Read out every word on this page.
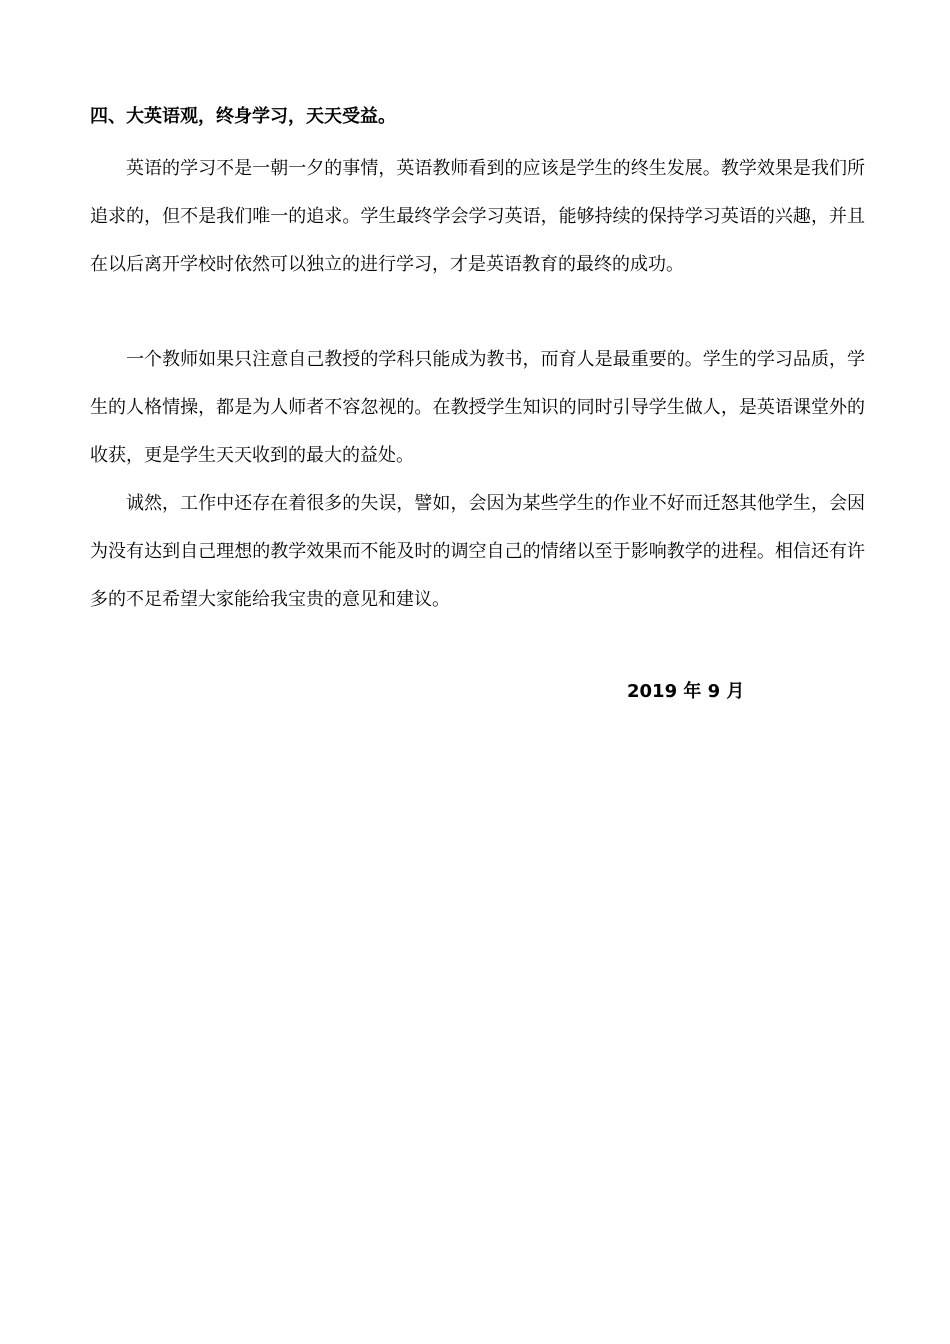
四、大英语观，终身学习，天天受益。

英语的学习不是一朝一夕的事情，英语教师看到的应该是学生的终生发展。教学效果是我们所追求的，但不是我们唯一的追求。学生最终学会学习英语，能够持续的保持学习英语的兴趣，并且在以后离开学校时依然可以独立的进行学习，才是英语教育的最终的成功。

一个教师如果只注意自己教授的学科只能成为教书，而育人是最重要的。学生的学习品质，学生的人格情操，都是为人师者不容忽视的。在教授学生知识的同时引导学生做人，是英语课堂外的收获，更是学生天天收到的最大的益处。

诚然，工作中还存在着很多的失误，譬如，会因为某些学生的作业不好而迁怒其他学生，会因为没有达到自己理想的教学效果而不能及时的调空自己的情绪以至于影响教学的进程。相信还有许多的不足希望大家能给我宝贵的意见和建议。

2019 年 9 月
